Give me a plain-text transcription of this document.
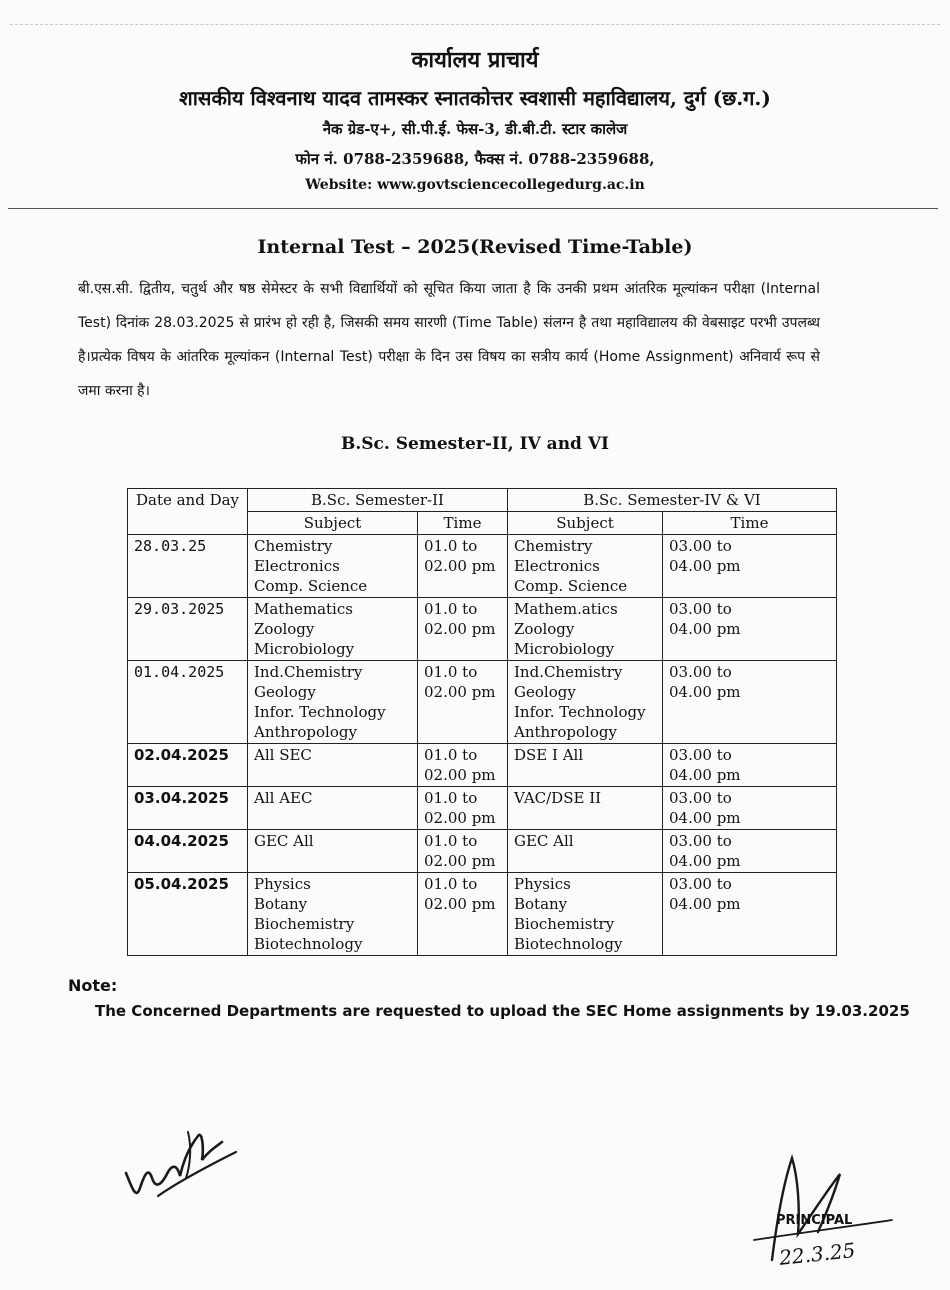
कार्यालय प्राचार्य
शासकीय विश्वनाथ यादव तामस्कर स्नातकोत्तर स्वशासी महाविद्यालय, दुर्ग (छ.ग.)
नैक ग्रेड-ए+, सी.पी.ई. फेस-3, डी.बी.टी. स्टार कालेज
फोन नं. 0788-2359688, फैक्स नं. 0788-2359688,
Website: www.govtsciencecollegedurg.ac.in
Internal Test – 2025(Revised Time-Table)
बी.एस.सी. द्वितीय, चतुर्थ और षष्ठ सेमेस्टर के सभी विद्यार्थियों को सूचित किया जाता है कि उनकी प्रथम आंतरिक मूल्यांकन परीक्षा (Internal Test) दिनांक 28.03.2025 से प्रारंभ हो रही है, जिसकी समय सारणी (Time Table) संलग्न है तथा महाविद्यालय की वेबसाइट परभी उपलब्ध है।प्रत्येक विषय के आंतरिक मूल्यांकन (Internal Test) परीक्षा के दिन उस विषय का सत्रीय कार्य (Home Assignment) अनिवार्य रूप से जमा करना है।
B.Sc. Semester-II, IV and VI
Date and Day	B.Sc. Semester-II		B.Sc. Semester-IV & VI	
	Subject	Time	Subject	Time
28.03.25	Chemistry
Electronics
Comp. Science	01.0 to
02.00 pm	Chemistry
Electronics
Comp. Science	03.00 to
04.00 pm

29.03.2025	Mathematics
Zoology
Microbiology	01.0 to
02.00 pm	Mathem.atics
Zoology
Microbiology	03.00 to
04.00 pm

01.04.2025	Ind.Chemistry
Geology
Infor. Technology
Anthropology	01.0 to
02.00 pm	Ind.Chemistry
Geology
Infor. Technology
Anthropology	03.00 to
04.00 pm

02.04.2025	All SEC	01.0 to
02.00 pm	DSE I All	03.00 to
04.00 pm

03.04.2025	All AEC	01.0 to
02.00 pm	VAC/DSE II	03.00 to
04.00 pm

04.04.2025	GEC All	01.0 to
02.00 pm	GEC All	03.00 to
04.00 pm

05.04.2025	Physics
Botany
Biochemistry
Biotechnology	01.0 to
02.00 pm	Physics
Botany
Biochemistry
Biotechnology	03.00 to
04.00 pm
Note:
The Concerned Departments are requested to upload the SEC Home assignments by 19.03.2025
PRINCIPAL
22.3.25
